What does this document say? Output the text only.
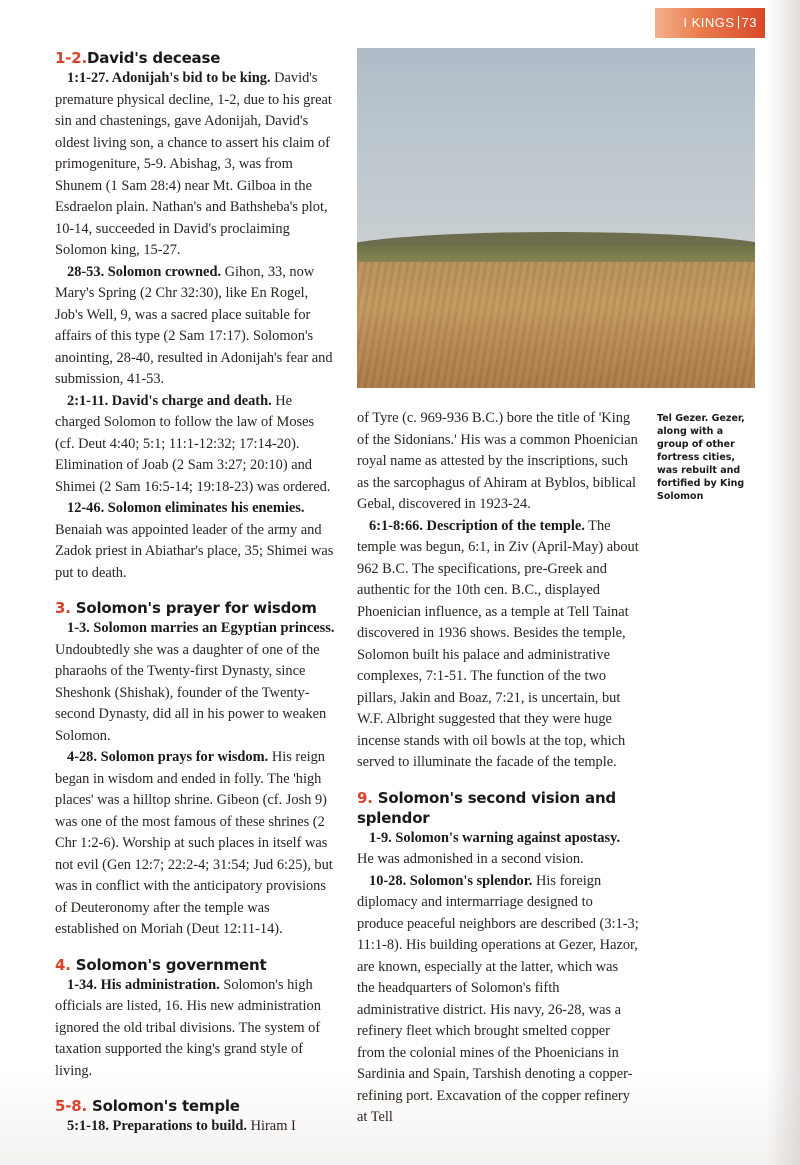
I KINGS 73
1-2.David's decease

1:1-27. Adonijah's bid to be king. David's premature physical decline, 1-2, due to his great sin and chastenings, gave Adonijah, David's oldest living son, a chance to assert his claim of primogeniture, 5-9. Abishag, 3, was from Shunem (1 Sam 28:4) near Mt. Gilboa in the Esdraelon plain. Nathan's and Bathsheba's plot, 10-14, succeeded in David's proclaiming Solomon king, 15-27.

28-53. Solomon crowned. Gihon, 33, now Mary's Spring (2 Chr 32:30), like En Rogel, Job's Well, 9, was a sacred place suitable for affairs of this type (2 Sam 17:17). Solomon's anointing, 28-40, resulted in Adonijah's fear and submission, 41-53.

2:1-11. David's charge and death. He charged Solomon to follow the law of Moses (cf. Deut 4:40; 5:1; 11:1-12:32; 17:14-20). Elimination of Joab (2 Sam 3:27; 20:10) and Shimei (2 Sam 16:5-14; 19:18-23) was ordered.

12-46. Solomon eliminates his enemies. Benaiah was appointed leader of the army and Zadok priest in Abiathar's place, 35; Shimei was put to death.

3. Solomon's prayer for wisdom

1-3. Solomon marries an Egyptian princess. Undoubtedly she was a daughter of one of the pharaohs of the Twenty-first Dynasty, since Sheshonk (Shishak), founder of the Twenty-second Dynasty, did all in his power to weaken Solomon.

4-28. Solomon prays for wisdom. His reign began in wisdom and ended in folly. The 'high places' was a hilltop shrine. Gibeon (cf. Josh 9) was one of the most famous of these shrines (2 Chr 1:2-6). Worship at such places in itself was not evil (Gen 12:7; 22:2-4; 31:54; Jud 6:25), but was in conflict with the anticipatory provisions of Deuteronomy after the temple was established on Moriah (Deut 12:11-14).

4. Solomon's government

1-34. His administration. Solomon's high officials are listed, 16. His new administration ignored the old tribal divisions. The system of taxation supported the king's grand style of living.

5-8. Solomon's temple

5:1-18. Preparations to build. Hiram I

Tel Gezer. Gezer, along with a group of other fortress cities, was rebuilt and fortified by King Solomon

of Tyre (c. 969-936 B.C.) bore the title of 'King of the Sidonians.' His was a common Phoenician royal name as attested by the inscriptions, such as the sarcophagus of Ahiram at Byblos, biblical Gebal, discovered in 1923-24.

6:1-8:66. Description of the temple. The temple was begun, 6:1, in Ziv (April-May) about 962 B.C. The specifications, pre-Greek and authentic for the 10th cen. B.C., displayed Phoenician influence, as a temple at Tell Tainat discovered in 1936 shows. Besides the temple, Solomon built his palace and administrative complexes, 7:1-51. The function of the two pillars, Jakin and Boaz, 7:21, is uncertain, but W.F. Albright suggested that they were huge incense stands with oil bowls at the top, which served to illuminate the facade of the temple.

9. Solomon's second vision and splendor

1-9. Solomon's warning against apostasy. He was admonished in a second vision.

10-28. Solomon's splendor. His foreign diplomacy and intermarriage designed to produce peaceful neighbors are described (3:1-3; 11:1-8). His building operations at Gezer, Hazor, are known, especially at the latter, which was the headquarters of Solomon's fifth administrative district. His navy, 26-28, was a refinery fleet which brought smelted copper from the colonial mines of the Phoenicians in Sardinia and Spain, Tarshish denoting a copper-refining port. Excavation of the copper refinery at Tell
